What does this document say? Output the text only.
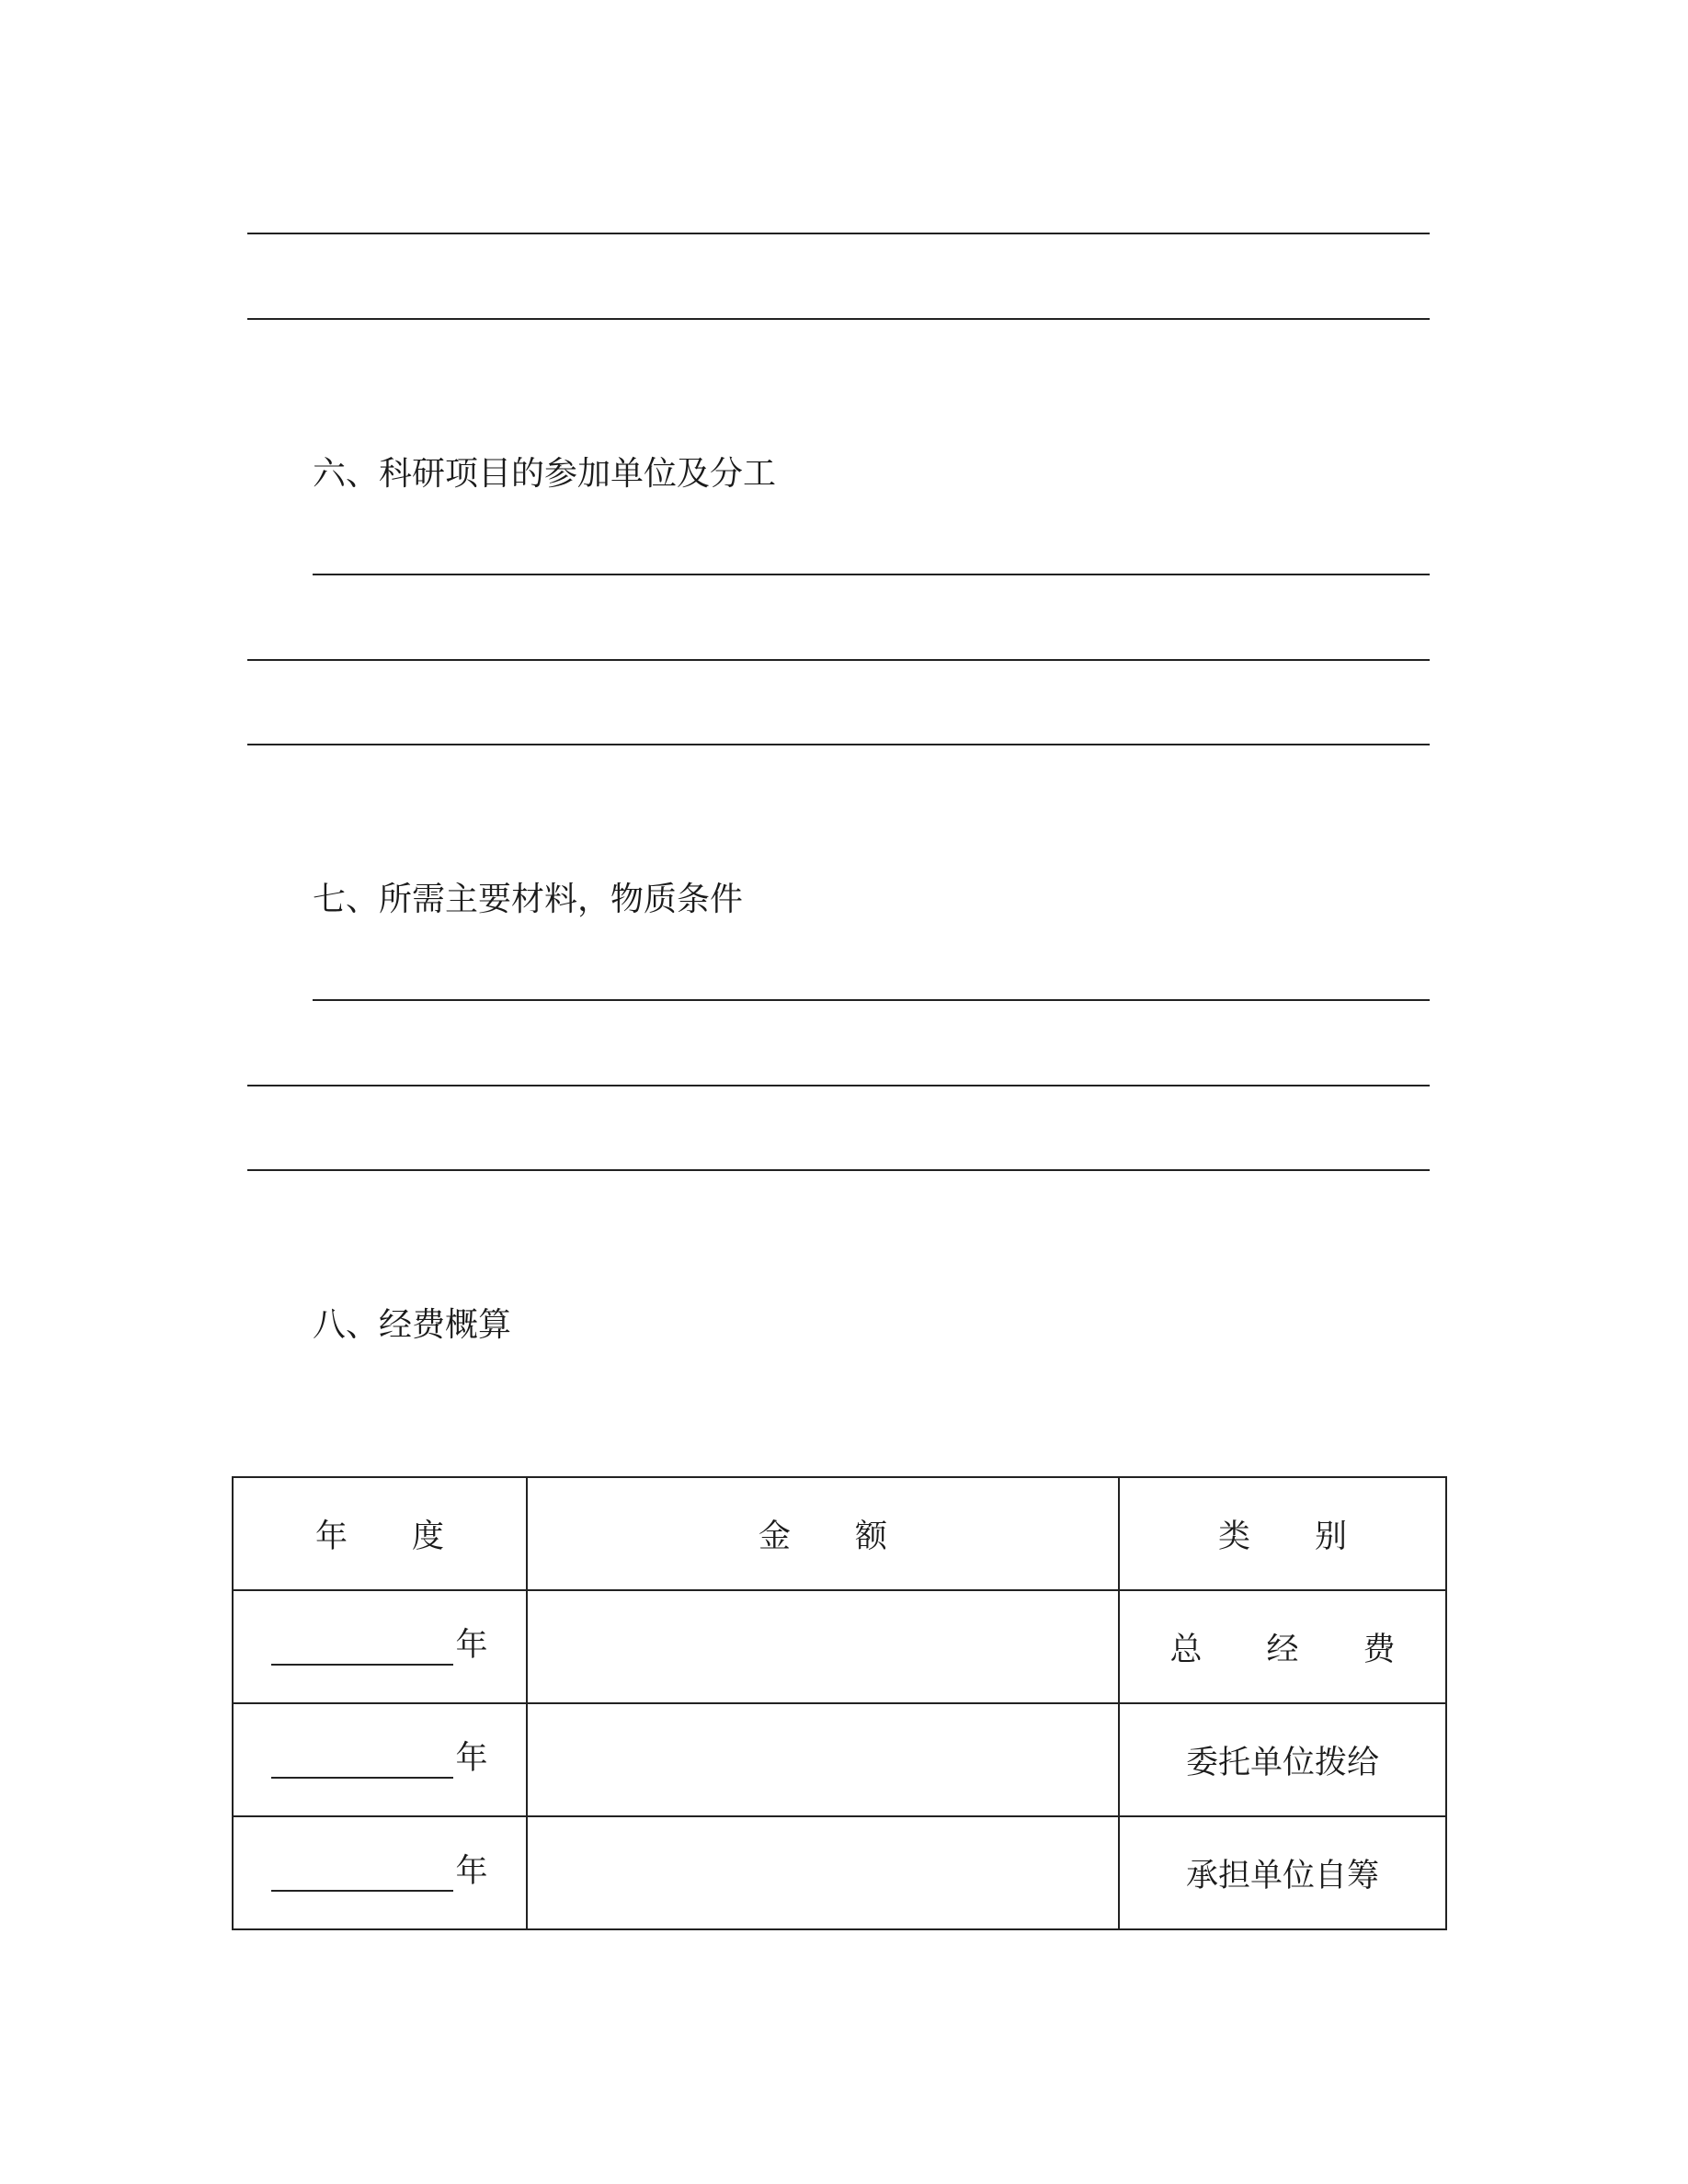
六、科研项目的参加单位及分工
七、所需主要材料，物质条件
八、经费概算
年　　度	金　　额	类　　别

年		总　　经　　费

年		委托单位拨给

年		承担单位自筹
